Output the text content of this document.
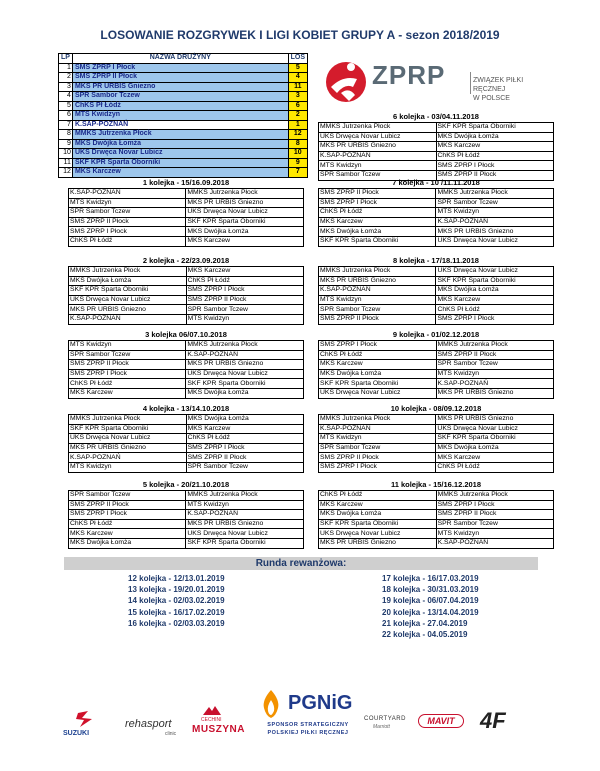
LOSOWANIE ROZGRYWEK I LIGI KOBIET GRUPY A - sezon 2018/2019
LP	NAZWA DRUŻYNY	LOS
1	SMS ZPRP I Płock	5
2	SMS ZPRP II Płock	4
3	MKS PR URBIS Gniezno	11
4	SPR Sambor Tczew	3
5	ChKS Pł Łódź	6
6	MTS Kwidzyn	2
7	K.SAP-POZNAŃ	1
8	MMKS Jutrzenka Płock	12
9	MKS Dwójka Łomża	8
10	UKS Drwęca Novar Lubicz	10
11	SKF KPR Sparta Oborniki	9
12	MKS Karczew	7
ZPRP	ZWIĄZEK PIŁKI RĘCZNEJ
W POLSCE
1 kolejka - 15/16.09.2018
K.SAP-POZNAŃ	MMKS Jutrzenka Płock
MTS Kwidzyn	MKS PR URBIS Gniezno
SPR Sambor Tczew	UKS Drwęca Novar Lubicz
SMS ZPRP II Płock	SKF KPR Sparta Oborniki
SMS ZPRP I Płock	MKS Dwójka Łomża
ChKS Pł Łódź	MKS Karczew
2 kolejka - 22/23.09.2018
MMKS Jutrzenka Płock	MKS Karczew
MKS Dwójka Łomża	ChKS Pł Łódź
SKF KPR Sparta Oborniki	SMS ZPRP I Płock
UKS Drwęca Novar Lubicz	SMS ZPRP II Płock
MKS PR URBIS Gniezno	SPR Sambor Tczew
K.SAP-POZNAŃ	MTS Kwidzyn
3 kolejka 06/07.10.2018
MTS Kwidzyn	MMKS Jutrzenka Płock
SPR Sambor Tczew	K.SAP-POZNAŃ
SMS ZPRP II Płock	MKS PR URBIS Gniezno
SMS ZPRP I Płock	UKS Drwęca Novar Lubicz
ChKS Pł Łódź	SKF KPR Sparta Oborniki
MKS Karczew	MKS Dwójka Łomża
4 kolejka - 13/14.10.2018
MMKS Jutrzenka Płock	MKS Dwójka Łomża
SKF KPR Sparta Oborniki	MKS Karczew
UKS Drwęca Novar Lubicz	ChKS Pł Łódź
MKS PR URBIS Gniezno	SMS ZPRP I Płock
K.SAP-POZNAŃ	SMS ZPRP II Płock
MTS Kwidzyn	SPR Sambor Tczew
5 kolejka - 20/21.10.2018
SPR Sambor Tczew	MMKS Jutrzenka Płock
SMS ZPRP II Płock	MTS Kwidzyn
SMS ZPRP I Płock	K.SAP-POZNAŃ
ChKS Pł Łódź	MKS PR URBIS Gniezno
MKS Karczew	UKS Drwęca Novar Lubicz
MKS Dwójka Łomża	SKF KPR Sparta Oborniki
6 kolejka - 03/04.11.2018
MMKS Jutrzenka Płock	SKF KPR Sparta Oborniki
UKS Drwęca Novar Lubicz	MKS Dwójka Łomża
MKS PR URBIS Gniezno	MKS Karczew
K.SAP-POZNAŃ	ChKS Pł Łódź
MTS Kwidzyn	SMS ZPRP I Płock
SPR Sambor Tczew	SMS ZPRP II Płock
7 kolejka - 10 /11.11.2018
SMS ZPRP II Płock	MMKS Jutrzenka Płock
SMS ZPRP I Płock	SPR Sambor Tczew
ChKS Pł Łódź	MTS Kwidzyn
MKS Karczew	K.SAP-POZNAŃ
MKS Dwójka Łomża	MKS PR URBIS Gniezno
SKF KPR Sparta Oborniki	UKS Drwęca Novar Lubicz
8 kolejka - 17/18.11.2018
MMKS Jutrzenka Płock	UKS Drwęca Novar Lubicz
MKS PR URBIS Gniezno	SKF KPR Sparta Oborniki
K.SAP-POZNAŃ	MKS Dwójka Łomża
MTS Kwidzyn	MKS Karczew
SPR Sambor Tczew	ChKS Pł Łódź
SMS ZPRP II Płock	SMS ZPRP I Płock
9 kolejka - 01/02.12.2018
SMS ZPRP I Płock	MMKS Jutrzenka Płock
ChKS Pł Łódź	SMS ZPRP II Płock
MKS Karczew	SPR Sambor Tczew
MKS Dwójka Łomża	MTS Kwidzyn
SKF KPR Sparta Oborniki	K.SAP-POZNAŃ
UKS Drwęca Novar Lubicz	MKS PR URBIS Gniezno
10 kolejka - 08/09.12.2018
MMKS Jutrzenka Płock	MKS PR URBIS Gniezno
K.SAP-POZNAŃ	UKS Drwęca Novar Lubicz
MTS Kwidzyn	SKF KPR Sparta Oborniki
SPR Sambor Tczew	MKS Dwójka Łomża
SMS ZPRP II Płock	MKS Karczew
SMS ZPRP I Płock	ChKS Pł Łódź
11 kolejka - 15/16.12.2018
ChKS Pł Łódź	MMKS Jutrzenka Płock
MKS Karczew	SMS ZPRP I Płock
MKS Dwójka Łomża	SMS ZPRP II Płock
SKF KPR Sparta Oborniki	SPR Sambor Tczew
UKS Drwęca Novar Lubicz	MTS Kwidzyn
MKS PR URBIS Gniezno	K.SAP-POZNAŃ
Runda rewanżowa:
12 kolejka - 12/13.01.2019
13 kolejka - 19/20.01.2019
14 kolejka - 02/03.02.2019
15 kolejka - 16/17.02.2019
16 kolejka - 02/03.03.2019
17 kolejka - 16/17.03.2019
18 kolejka - 30/31.03.2019
19 kolejka - 06/07.04.2019
20 kolejka - 13/14.04.2019
21 kolejka - 27.04.2019
22 kolejka - 04.05.2019
SUZUKI
rehasport
clinic
CECHINI
MUSZYNA
PGNiG
SPONSOR STRATEGICZNY
POLSKIEJ PIŁKI RĘCZNEJ
COURTYARD
Marriott
MAVIT	4F
